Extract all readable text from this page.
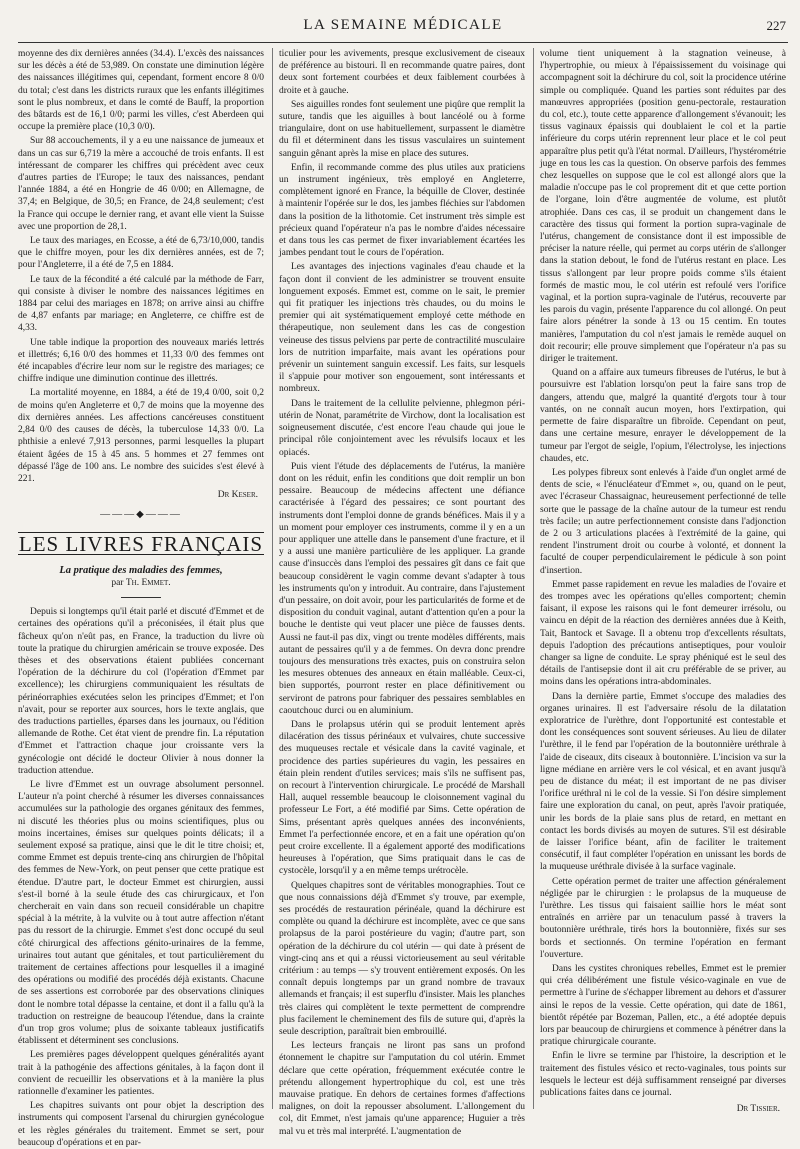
LA SEMAINE MÉDICALE	227

moyenne des dix dernières années (34.4). L'excès des naissances sur les décès a été de 53,989. On constate une diminution légère des naissances illégitimes qui, cependant, forment encore 8 0/0 du total; c'est dans les districts ruraux que les enfants illégitimes sont le plus nombreux, et dans le comté de Bauff, la proportion des bâtards est de 16,1 0/0; parmi les villes, c'est Aberdeen qui occupe la première place (10,3 0/0).

Sur 88 accouchements, il y a eu une naissance de jumeaux et dans un cas sur 6,719 la mère a accouché de trois enfants. Il est intéressant de comparer les chiffres qui précèdent avec ceux d'autres parties de l'Europe; le taux des naissances, pendant l'année 1884, a été en Hongrie de 46 0/00; en Allemagne, de 37,4; en Belgique, de 30,5; en France, de 24,8 seulement; c'est la France qui occupe le dernier rang, et avant elle vient la Suisse avec une proportion de 28,1.

Le taux des mariages, en Ecosse, a été de 6,73/10,000, tandis que le chiffre moyen, pour les dix dernières années, est de 7; pour l'Angleterre, il a été de 7,5 en 1884.

Le taux de la fécondité a été calculé par la méthode de Farr, qui consiste à diviser le nombre des naissances légitimes en 1884 par celui des mariages en 1878; on arrive ainsi au chiffre de 4,87 enfants par mariage; en Angleterre, ce chiffre est de 4,33.

Une table indique la proportion des nouveaux mariés lettrés et illettrés; 6,16 0/0 des hommes et 11,33 0/0 des femmes ont été incapables d'écrire leur nom sur le registre des mariages; ce chiffre indique une diminution continue des illettrés.

La mortalité moyenne, en 1884, a été de 19,4 0/00, soit 0,2 de moins qu'en Angleterre et 0,7 de moins que la moyenne des dix dernières années. Les affections cancéreuses constituent 2,84 0/0 des causes de décès, la tuberculose 14,33 0/0. La phthisie a enlevé 7,913 personnes, parmi lesquelles la plupart étaient âgées de 15 à 45 ans. 5 hommes et 27 femmes ont dépassé l'âge de 100 ans. Le nombre des suicides s'est élevé à 221.

Dr Keser.

———◆———
LES LIVRES FRANÇAIS
La pratique des maladies des femmes,
par Th. Emmet.

Depuis si longtemps qu'il était parlé et discuté d'Emmet et de certaines des opérations qu'il a préconisées, il était plus que fâcheux qu'on n'eût pas, en France, la traduction du livre où toute la pratique du chirurgien américain se trouve exposée. Des thèses et des observations étaient publiées concernant l'opération de la déchirure du col (l'opération d'Emmet par excellence); les chirurgiens communiquaient les résultats de périnéorraphies exécutées selon les principes d'Emmet; et l'on n'avait, pour se reporter aux sources, hors le texte anglais, que des traductions partielles, éparses dans les journaux, ou l'édition allemande de Rothe. Cet état vient de prendre fin. La réputation d'Emmet et l'attraction chaque jour croissante vers la gynécologie ont décidé le docteur Olivier à nous donner la traduction attendue.

Le livre d'Emmet est un ouvrage absolument personnel. L'auteur n'a point cherché à résumer les diverses connaissances accumulées sur la pathologie des organes génitaux des femmes, ni discuté les théories plus ou moins scientifiques, plus ou moins incertaines, émises sur quelques points délicats; il a seulement exposé sa pratique, ainsi que le dit le titre choisi; et, comme Emmet est depuis trente-cinq ans chirurgien de l'hôpital des femmes de New-York, on peut penser que cette pratique est étendue. D'autre part, le docteur Emmet est chirurgien, aussi s'est-il borné à la seule étude des cas chirurgicaux, et l'on chercherait en vain dans son recueil considérable un chapitre spécial à la métrite, à la vulvite ou à tout autre affection n'étant pas du ressort de la chirurgie. Emmet s'est donc occupé du seul côté chirurgical des affections génito-urinaires de la femme, urinaires tout autant que génitales, et tout particulièrement du traitement de certaines affections pour lesquelles il a imaginé des opérations ou modifié des procédés déjà existants. Chacune de ses assertions est corroborée par des observations cliniques dont le nombre total dépasse la centaine, et dont il a fallu qu'à la traduction on restreigne de beaucoup l'étendue, dans la crainte d'un trop gros volume; plus de soixante tableaux justificatifs établissent et déterminent ses conclusions.

Les premières pages développent quelques généralités ayant trait à la pathogénie des affections génitales, à la façon dont il convient de recueillir les observations et à la manière la plus rationnelle d'examiner les patientes.

Les chapitres suivants ont pour objet la description des instruments qui composent l'arsenal du chirurgien gynécologue et les règles générales du traitement. Emmet se sert, pour beaucoup d'opérations et en par-

ticulier pour les avivements, presque exclusivement de ciseaux de préférence au bistouri. Il en recommande quatre paires, dont deux sont fortement courbées et deux faiblement courbées à droite et à gauche.

Ses aiguilles rondes font seulement une piqûre que remplit la suture, tandis que les aiguilles à bout lancéolé ou à forme triangulaire, dont on use habituellement, surpassent le diamètre du fil et déterminent dans les tissus vasculaires un suintement sanguin gênant après la mise en place des sutures.

Enfin, il recommande comme des plus utiles aux praticiens un instrument ingénieux, très employé en Angleterre, complètement ignoré en France, la béquille de Clover, destinée à maintenir l'opérée sur le dos, les jambes fléchies sur l'abdomen dans la position de la lithotomie. Cet instrument très simple est précieux quand l'opérateur n'a pas le nombre d'aides nécessaire et dans tous les cas permet de fixer invariablement écartées les jambes pendant tout le cours de l'opération.

Les avantages des injections vaginales d'eau chaude et la façon dont il convient de les administrer se trouvent ensuite longuement exposés. Emmet est, comme on le sait, le premier qui fit pratiquer les injections très chaudes, ou du moins le premier qui ait systématiquement employé cette méthode en thérapeutique, non seulement dans les cas de congestion veineuse des tissus pelviens par perte de contractilité musculaire lors de nutrition imparfaite, mais avant les opérations pour prévenir un suintement sanguin excessif. Les faits, sur lesquels il s'appuie pour motiver son engouement, sont intéressants et nombreux.

Dans le traitement de la cellulite pelvienne, phlegmon péri-utérin de Nonat, paramétrite de Virchow, dont la localisation est soigneusement discutée, c'est encore l'eau chaude qui joue le principal rôle conjointement avec les révulsifs locaux et les opiacés.

Puis vient l'étude des déplacements de l'utérus, la manière dont on les réduit, enfin les conditions que doit remplir un bon pessaire. Beaucoup de médecins affectent une défiance caractérisée à l'égard des pessaires; ce sont pourtant des instruments dont l'emploi donne de grands bénéfices. Mais il y a un moment pour employer ces instruments, comme il y en a un pour appliquer une attelle dans le pansement d'une fracture, et il y a aussi une manière particulière de les appliquer. La grande cause d'insuccès dans l'emploi des pessaires gît dans ce fait que beaucoup considèrent le vagin comme devant s'adapter à tous les instruments qu'on y introduit. Au contraire, dans l'ajustement d'un pessaire, on doit avoir, pour les particularités de forme et de disposition du conduit vaginal, autant d'attention qu'en a pour la bouche le dentiste qui veut placer une pièce de fausses dents. Aussi ne faut-il pas dix, vingt ou trente modèles différents, mais autant de pessaires qu'il y a de femmes. On devra donc prendre toujours des mensurations très exactes, puis on construira selon les mesures obtenues des anneaux en étain malléable. Ceux-ci, bien supportés, pourront rester en place définitivement ou serviront de patrons pour fabriquer des pessaires semblables en caoutchouc durci ou en aluminium.

Dans le prolapsus utérin qui se produit lentement après dilacération des tissus périnéaux et vulvaires, chute successive des muqueuses rectale et vésicale dans la cavité vaginale, et procidence des parties supérieures du vagin, les pessaires en étain plein rendent d'utiles services; mais s'ils ne suffisent pas, on recourt à l'intervention chirurgicale. Le procédé de Marshall Hall, auquel ressemble beaucoup le cloisonnement vaginal du professeur Le Fort, a été modifié par Sims. Cette opération de Sims, présentant après quelques années des inconvénients, Emmet l'a perfectionnée encore, et en a fait une opération qu'on peut croire excellente. Il a également apporté des modifications heureuses à l'opération, que Sims pratiquait dans le cas de cystocèle, lorsqu'il y a en même temps urétrocèle.

Quelques chapitres sont de véritables monographies. Tout ce que nous connaissions déjà d'Emmet s'y trouve, par exemple, ses procédés de restauration périnéale, quand la déchirure est complète ou quand la déchirure est incomplète, avec ce que sans prolapsus de la paroi postérieure du vagin; d'autre part, son opération de la déchirure du col utérin — qui date à présent de vingt-cinq ans et qui a réussi victorieusement au seul véritable critérium : au temps — s'y trouvent entièrement exposés. On les connaît depuis longtemps par un grand nombre de travaux allemands et français; il est superflu d'insister. Mais les planches très claires qui complètent le texte permettent de comprendre plus facilement le cheminement des fils de suture qui, d'après la seule description, paraîtrait bien embrouillé.

Les lecteurs français ne liront pas sans un profond étonnement le chapitre sur l'amputation du col utérin. Emmet déclare que cette opération, fréquemment exécutée contre le prétendu allongement hypertrophique du col, est une très mauvaise pratique. En dehors de certaines formes d'affections malignes, on doit la repousser absolument. L'allongement du col, dit Emmet, n'est jamais qu'une apparence; Huguier a très mal vu et très mal interprété. L'augmentation de

volume tient uniquement à la stagnation veineuse, à l'hypertrophie, ou mieux à l'épaississement du voisinage qui accompagnent soit la déchirure du col, soit la procidence utérine simple ou compliquée. Quand les parties sont réduites par des manœuvres appropriées (position genu-pectorale, restauration du col, etc.), toute cette apparence d'allongement s'évanouit; les tissus vaginaux épaissis qui doublaient le col et la partie inférieure du corps utérin reprennent leur place et le col peut apparaître plus petit qu'à l'état normal. D'ailleurs, l'hystérométrie juge en tous les cas la question. On observe parfois des femmes chez lesquelles on suppose que le col est allongé alors que la maladie n'occupe pas le col proprement dit et que cette portion de l'organe, loin d'être augmentée de volume, est plutôt atrophiée. Dans ces cas, il se produit un changement dans le caractère des tissus qui forment la portion supra-vaginale de l'utérus, changement de consistance dont il est impossible de préciser la nature réelle, qui permet au corps utérin de s'allonger dans la station debout, le fond de l'utérus restant en place. Les tissus s'allongent par leur propre poids comme s'ils étaient formés de mastic mou, le col utérin est refoulé vers l'orifice vaginal, et la portion supra-vaginale de l'utérus, recouverte par les parois du vagin, présente l'apparence du col allongé. On peut faire alors pénétrer la sonde à 13 ou 15 centim. En toutes manières, l'amputation du col n'est jamais le remède auquel on doit recourir; elle prouve simplement que l'opérateur n'a pas su diriger le traitement.

Quand on a affaire aux tumeurs fibreuses de l'utérus, le but à poursuivre est l'ablation lorsqu'on peut la faire sans trop de dangers, attendu que, malgré la quantité d'ergots tour à tour vantés, on ne connaît aucun moyen, hors l'extirpation, qui permette de faire disparaître un fibroïde. Cependant on peut, dans une certaine mesure, enrayer le développement de la tumeur par l'ergot de seigle, l'opium, l'électrolyse, les injections chaudes, etc.

Les polypes fibreux sont enlevés à l'aide d'un onglet armé de dents de scie, « l'énucléateur d'Emmet », ou, quand on le peut, avec l'écraseur Chassaignac, heureusement perfectionné de telle sorte que le passage de la chaîne autour de la tumeur est rendu très facile; un autre perfectionnement consiste dans l'adjonction de 2 ou 3 articulations placées à l'extrémité de la gaine, qui rendent l'instrument droit ou courbe à volonté, et donnent la faculté de couper perpendiculairement le pédicule à son point d'insertion.

Emmet passe rapidement en revue les maladies de l'ovaire et des trompes avec les opérations qu'elles comportent; chemin faisant, il expose les raisons qui le font demeurer irrésolu, ou vaincu en dépit de la réaction des dernières années due à Keith, Tait, Bantock et Savage. Il a obtenu trop d'excellents résultats, depuis l'adoption des précautions antiseptiques, pour vouloir changer sa ligne de conduite. Le spray phéniqué est le seul des détails de l'antisepsie dont il ait cru préférable de se priver, au moins dans les opérations intra-abdominales.

Dans la dernière partie, Emmet s'occupe des maladies des organes urinaires. Il est l'adversaire résolu de la dilatation exploratrice de l'urèthre, dont l'opportunité est contestable et dont les conséquences sont souvent sérieuses. Au lieu de dilater l'urèthre, il le fend par l'opération de la boutonnière uréthrale à l'aide de ciseaux, dits ciseaux à boutonnière. L'incision va sur la ligne médiane en arrière vers le col vésical, et en avant jusqu'à peu de distance du méat; il est important de ne pas diviser l'orifice uréthral ni le col de la vessie. Si l'on désire simplement faire une exploration du canal, on peut, après l'avoir pratiquée, unir les bords de la plaie sans plus de retard, en mettant en contact les bords divisés au moyen de sutures. S'il est désirable de laisser l'orifice béant, afin de faciliter le traitement consécutif, il faut compléter l'opération en unissant les bords de la muqueuse uréthrale divisée à la surface vaginale.

Cette opération permet de traiter une affection généralement négligée par le chirurgien : le prolapsus de la muqueuse de l'urèthre. Les tissus qui faisaient saillie hors le méat sont entraînés en arrière par un tenaculum passé à travers la boutonnière uréthrale, tirés hors la boutonnière, fixés sur ses bords et sectionnés. On termine l'opération en fermant l'ouverture.

Dans les cystites chroniques rebelles, Emmet est le premier qui créa délibérément une fistule vésico-vaginale en vue de permettre à l'urine de s'échapper librement au dehors et d'assurer ainsi le repos de la vessie. Cette opération, qui date de 1861, bientôt répétée par Bozeman, Pallen, etc., a été adoptée depuis lors par beaucoup de chirurgiens et commence à pénétrer dans la pratique chirurgicale courante.

Enfin le livre se termine par l'histoire, la description et le traitement des fistules vésico et recto-vaginales, tous points sur lesquels le lecteur est déjà suffisamment renseigné par diverses publications faites dans ce journal.

Dr Tissier.
